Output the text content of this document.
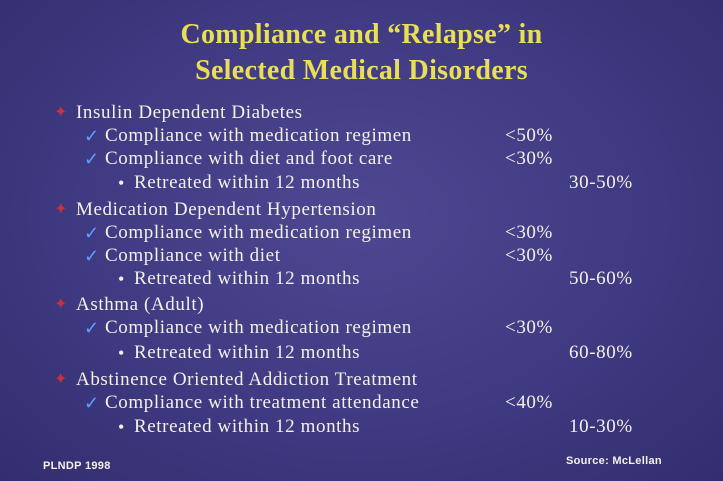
Compliance and “Relapse” in
Selected Medical Disorders
✦ Insulin Dependent Diabetes
✓ Compliance with medication regimen	<50%
✓ Compliance with diet and foot care	<30%
• Retreated within 12 months	30-50%
✦ Medication Dependent Hypertension
✓ Compliance with medication regimen	<30%
✓ Compliance with diet	<30%
• Retreated within 12 months	50-60%
✦ Asthma (Adult)
✓ Compliance with medication regimen	<30%
• Retreated within 12 months	60-80%
✦ Abstinence Oriented Addiction Treatment
✓ Compliance with treatment attendance	<40%
• Retreated within 12 months	10-30%
PLNDP 1998	Source: McLellan
